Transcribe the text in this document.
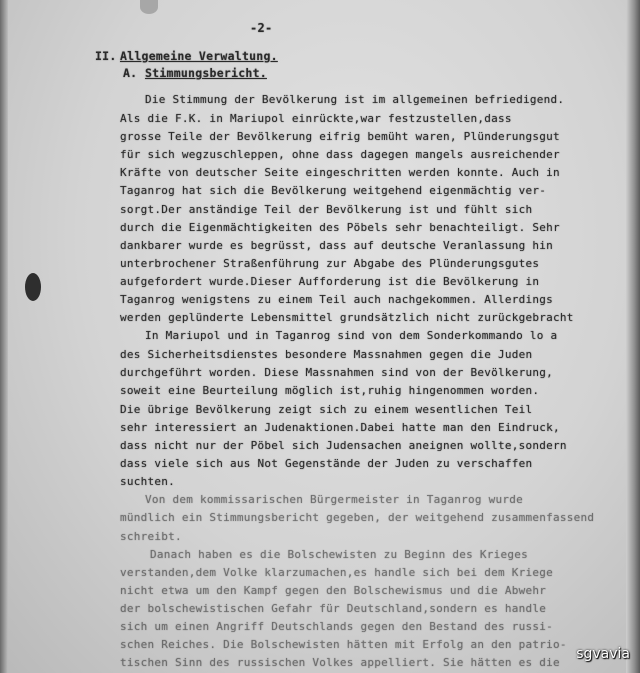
-2-
II. Allgemeine Verwaltung.
A. Stimmungsbericht.
Die Stimmung der Bevölkerung ist im allgemeinen befriedigend.
Als die F.K. in Mariupol einrückte,war festzustellen,dass
grosse Teile der Bevölkerung eifrig bemüht waren, Plünderungsgut
für sich wegzuschleppen, ohne dass dagegen mangels ausreichender
Kräfte von deutscher Seite eingeschritten werden konnte. Auch in
Taganrog hat sich die Bevölkerung weitgehend eigenmächtig ver-
sorgt.Der anständige Teil der Bevölkerung ist und fühlt sich
durch die Eigenmächtigkeiten des Pöbels sehr benachteiligt. Sehr
dankbarer wurde es begrüsst, dass auf deutsche Veranlassung hin
unterbrochener Straßenführung zur Abgabe des Plünderungsgutes
aufgefordert wurde.Dieser Aufforderung ist die Bevölkerung in
Taganrog wenigstens zu einem Teil auch nachgekommen. Allerdings
werden geplünderte Lebensmittel grundsätzlich nicht zurückgebracht
In Mariupol und in Taganrog sind von dem Sonderkommando lo a
des Sicherheitsdienstes besondere Massnahmen gegen die Juden
durchgeführt worden. Diese Massnahmen sind von der Bevölkerung,
soweit eine Beurteilung möglich ist,ruhig hingenommen worden.
Die übrige Bevölkerung zeigt sich zu einem wesentlichen Teil
sehr interessiert an Judenaktionen.Dabei hatte man den Eindruck,
dass nicht nur der Pöbel sich Judensachen aneignen wollte,sondern
dass viele sich aus Not Gegenstände der Juden zu verschaffen
suchten.
Von dem kommissarischen Bürgermeister in Taganrog wurde
mündlich ein Stimmungsbericht gegeben, der weitgehend zusammenfassend
schreibt.
Danach haben es die Bolschewisten zu Beginn des Krieges
verstanden,dem Volke klarzumachen,es handle sich bei dem Kriege
nicht etwa um den Kampf gegen den Bolschewismus und die Abwehr
der bolschewistischen Gefahr für Deutschland,sondern es handle
sich um einen Angriff Deutschlands gegen den Bestand des russi-
schen Reiches. Die Bolschewisten hätten mit Erfolg an den patrio-
tischen Sinn des russischen Volkes appelliert. Sie hätten es die
sgvavia
